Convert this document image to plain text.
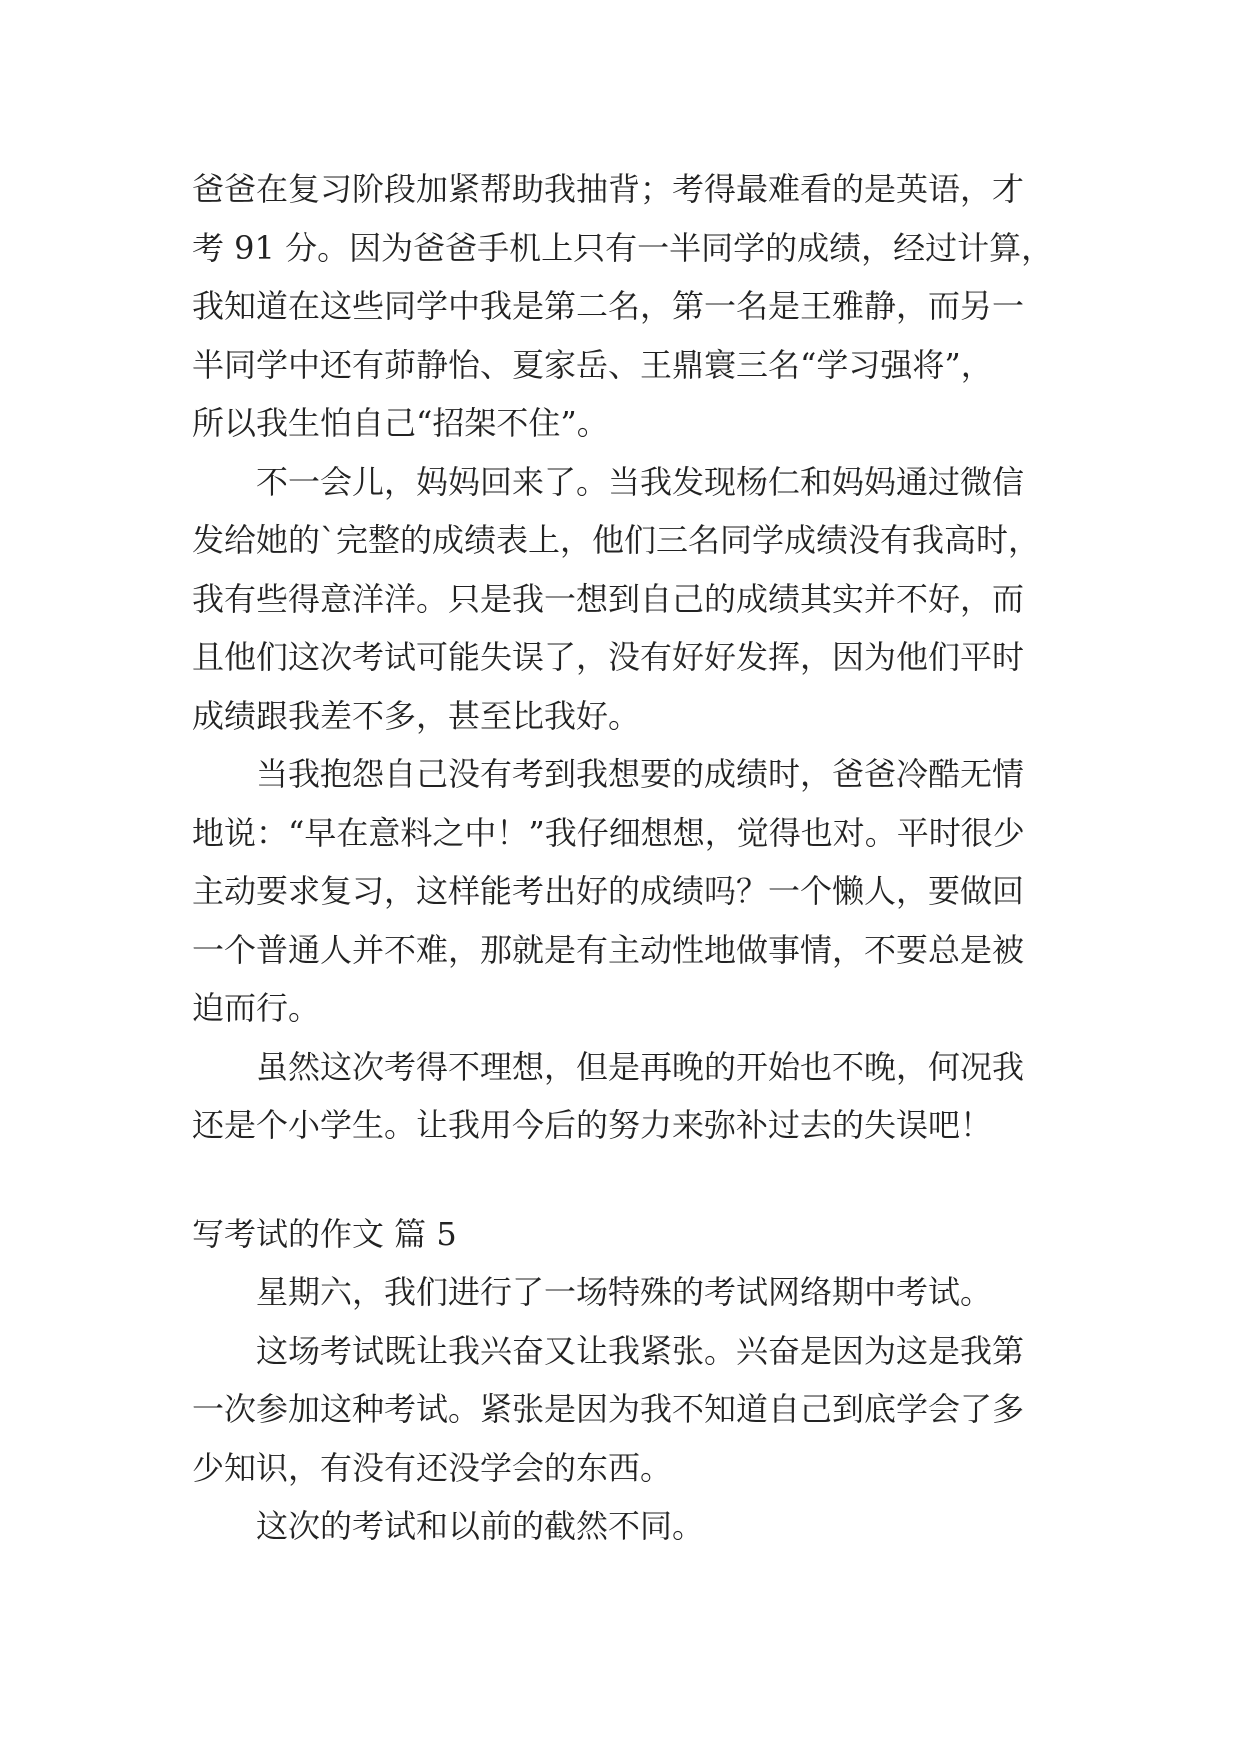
爸爸在复习阶段加紧帮助我抽背；考得最难看的是英语，才
考 91 分。因为爸爸手机上只有一半同学的成绩，经过计算，
我知道在这些同学中我是第二名，第一名是王雅静，而另一
半同学中还有茆静怡、夏家岳、王鼎寰三名“学习强将”，
所以我生怕自己“招架不住”。
不一会儿，妈妈回来了。当我发现杨仁和妈妈通过微信
发给她的`完整的成绩表上，他们三名同学成绩没有我高时，
我有些得意洋洋。只是我一想到自己的成绩其实并不好，而
且他们这次考试可能失误了，没有好好发挥，因为他们平时
成绩跟我差不多，甚至比我好。
当我抱怨自己没有考到我想要的成绩时，爸爸冷酷无情
地说：“早在意料之中！”我仔细想想，觉得也对。平时很少
主动要求复习，这样能考出好的成绩吗？一个懒人，要做回
一个普通人并不难，那就是有主动性地做事情，不要总是被
迫而行。
虽然这次考得不理想，但是再晚的开始也不晚，何况我
还是个小学生。让我用今后的努力来弥补过去的失误吧！
写考试的作文 篇 5
星期六，我们进行了一场特殊的考试网络期中考试。
这场考试既让我兴奋又让我紧张。兴奋是因为这是我第
一次参加这种考试。紧张是因为我不知道自己到底学会了多
少知识，有没有还没学会的东西。
这次的考试和以前的截然不同。
